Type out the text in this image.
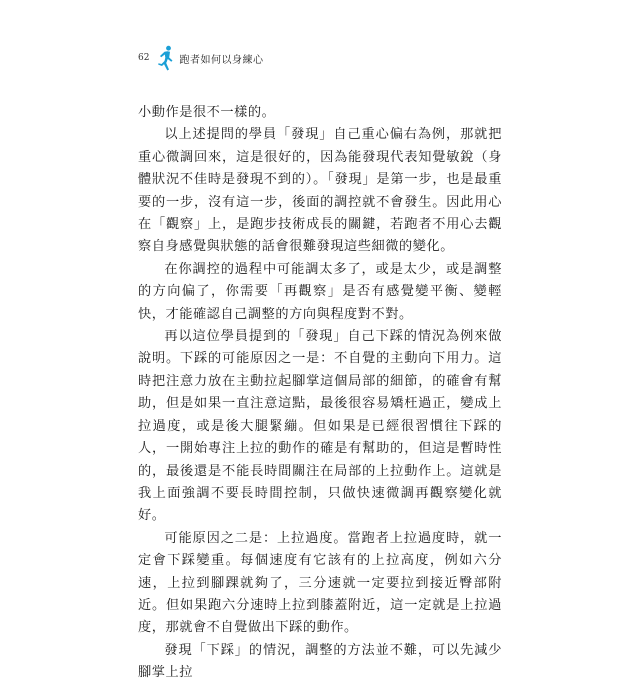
62	跑者如何以身練心

小動作是很不一樣的。

以上述提問的學員「發現」自己重心偏右為例，那就把重心微調回來，這是很好的，因為能發現代表知覺敏銳（身體狀況不佳時是發現不到的）。「發現」是第一步，也是最重要的一步，沒有這一步，後面的調控就不會發生。因此用心在「觀察」上，是跑步技術成長的關鍵，若跑者不用心去觀察自身感覺與狀態的話會很難發現這些細微的變化。

在你調控的過程中可能調太多了，或是太少，或是調整的方向偏了，你需要「再觀察」是否有感覺變平衡、變輕快，才能確認自己調整的方向與程度對不對。

再以這位學員提到的「發現」自己下踩的情況為例來做說明。下踩的可能原因之一是：不自覺的主動向下用力。這時把注意力放在主動拉起腳掌這個局部的細節，的確會有幫助，但是如果一直注意這點，最後很容易矯枉過正，變成上拉過度，或是後大腿緊繃。但如果是已經很習慣往下踩的人，一開始專注上拉的動作的確是有幫助的，但這是暫時性的，最後還是不能長時間關注在局部的上拉動作上。這就是我上面強調不要長時間控制，只做快速微調再觀察變化就好。

可能原因之二是：上拉過度。當跑者上拉過度時，就一定會下踩變重。每個速度有它該有的上拉高度，例如六分速，上拉到腳踝就夠了，三分速就一定要拉到接近臀部附近。但如果跑六分速時上拉到膝蓋附近，這一定就是上拉過度，那就會不自覺做出下踩的動作。

發現「下踩」的情況，調整的方法並不難，可以先減少腳掌上拉
